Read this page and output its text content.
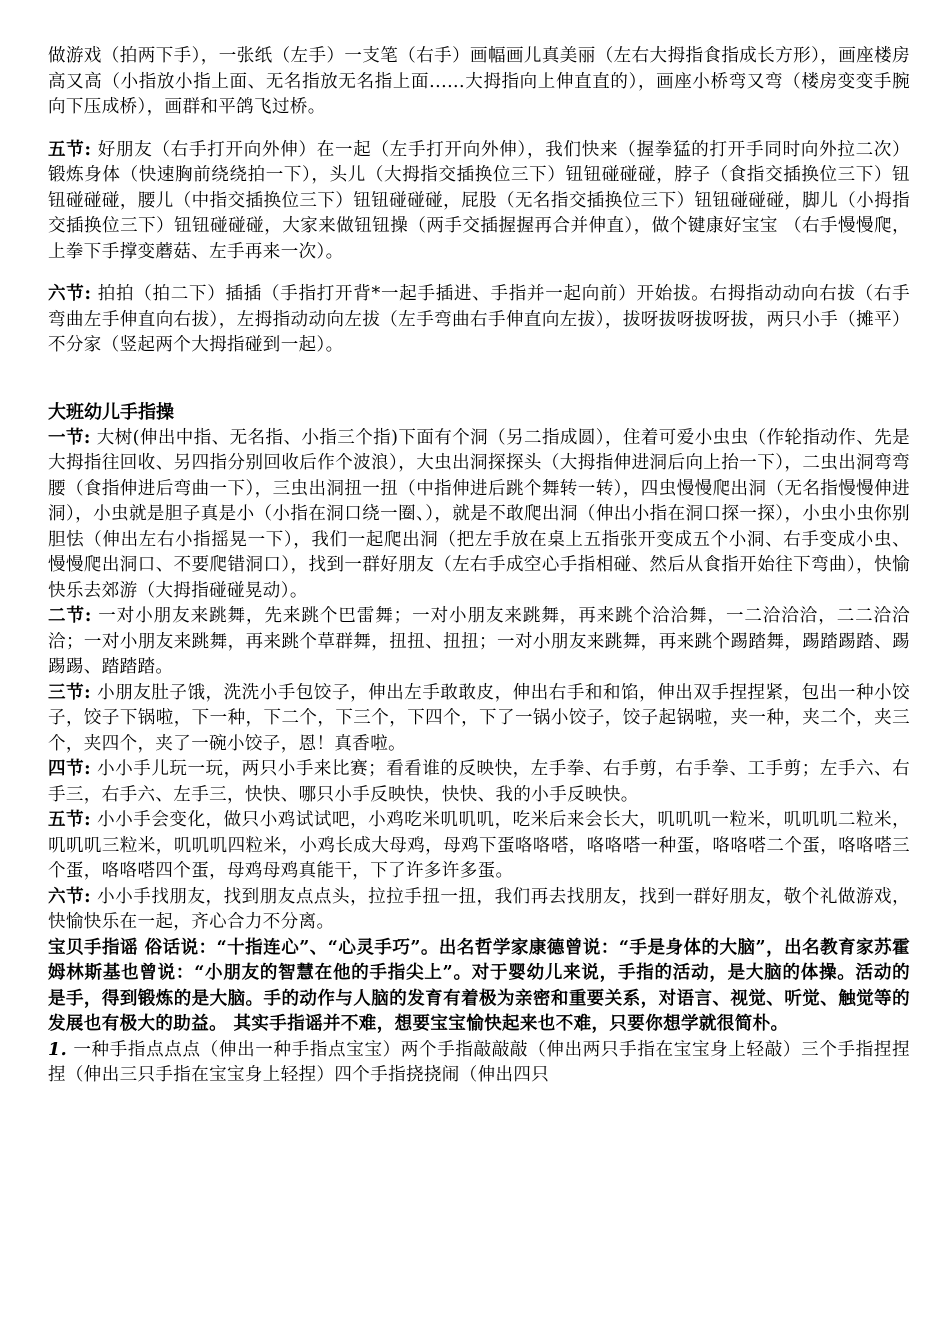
做游戏（拍两下手），一张纸（左手）一支笔（右手）画幅画儿真美丽（左右大拇指食指成长方形），画座楼房高又高（小指放小指上面、无名指放无名指上面......大拇指向上伸直直的），画座小桥弯又弯（楼房变变手腕向下压成桥），画群和平鸽飞过桥。

五节: 好朋友（右手打开向外伸）在一起（左手打开向外伸），我们快来（握拳猛的打开手同时向外拉二次）锻炼身体（快速胸前绕绕拍一下），头儿（大拇指交插换位三下）钮钮碰碰碰，脖子（食指交插换位三下）钮钮碰碰碰，腰儿（中指交插换位三下）钮钮碰碰碰，屁股（无名指交插换位三下）钮钮碰碰碰，脚儿（小拇指交插换位三下）钮钮碰碰碰，大家来做钮钮操（两手交插握握再合并伸直），做个键康好宝宝 （右手慢慢爬，上拳下手撑变蘑菇、左手再来一次）。

六节: 拍拍（拍二下）插插（手指打开背*一起手插进、手指并一起向前）开始拔。右拇指动动向右拔（右手弯曲左手伸直向右拔），左拇指动动向左拔（左手弯曲右手伸直向左拔），拔呀拔呀拔呀拔，两只小手（摊平）不分家（竖起两个大拇指碰到一起）。

大班幼儿手指操

一节: 大树(伸出中指、无名指、小指三个指)下面有个洞（另二指成圆），住着可爱小虫虫（作轮指动作、先是大拇指往回收、另四指分别回收后作个波浪），大虫出洞探探头（大拇指伸进洞后向上抬一下），二虫出洞弯弯腰（食指伸进后弯曲一下），三虫出洞扭一扭（中指伸进后跳个舞转一转），四虫慢慢爬出洞（无名指慢慢伸进洞），小虫就是胆子真是小（小指在洞口绕一圈、），就是不敢爬出洞（伸出小指在洞口探一探），小虫小虫你别胆怯（伸出左右小指摇晃一下），我们一起爬出洞（把左手放在桌上五指张开变成五个小洞、右手变成小虫、慢慢爬出洞口、不要爬错洞口），找到一群好朋友（左右手成空心手指相碰、然后从食指开始往下弯曲），快愉快乐去郊游（大拇指碰碰晃动）。

二节: 一对小朋友来跳舞，先来跳个巴雷舞；一对小朋友来跳舞，再来跳个洽洽舞，一二洽洽洽，二二洽洽洽；一对小朋友来跳舞，再来跳个草群舞，扭扭、扭扭；一对小朋友来跳舞，再来跳个踢踏舞，踢踏踢踏、踢踢踢、踏踏踏。

三节: 小朋友肚子饿，洗洗小手包饺子，伸出左手敢敢皮，伸出右手和和馅，伸出双手捏捏紧，包出一种小饺子，饺子下锅啦，下一种，下二个，下三个，下四个，下了一锅小饺子，饺子起锅啦，夹一种，夹二个，夹三个，夹四个，夹了一碗小饺子，恩！真香啦。

四节: 小小手儿玩一玩，两只小手来比赛；看看谁的反映快，左手拳、右手剪，右手拳、工手剪；左手六、右手三，右手六、左手三，快快、哪只小手反映快，快快、我的小手反映快。

五节: 小小手会变化，做只小鸡试试吧，小鸡吃米叽叽叽，吃米后来会长大，叽叽叽一粒米，叽叽叽二粒米，叽叽叽三粒米，叽叽叽四粒米，小鸡长成大母鸡，母鸡下蛋咯咯嗒，咯咯嗒一种蛋，咯咯嗒二个蛋，咯咯嗒三个蛋，咯咯嗒四个蛋，母鸡母鸡真能干，下了许多许多蛋。

六节: 小小手找朋友，找到朋友点点头，拉拉手扭一扭，我们再去找朋友，找到一群好朋友，敬个礼做游戏，快愉快乐在一起，齐心合力不分离。

宝贝手指谣 俗话说：“十指连心”、“心灵手巧”。出名哲学家康德曾说：“手是身体的大脑”，出名教育家苏霍姆林斯基也曾说：“小朋友的智慧在他的手指尖上”。对于婴幼儿来说，手指的活动，是大脑的体操。活动的是手，得到锻炼的是大脑。手的动作与人脑的发育有着极为亲密和重要关系，对语言、视觉、听觉、触觉等的发展也有极大的助益。 其实手指谣并不难，想要宝宝愉快起来也不难，只要你想学就很简朴。

1. 一种手指点点点（伸出一种手指点宝宝）两个手指敲敲敲（伸出两只手指在宝宝身上轻敲）三个手指捏捏捏（伸出三只手指在宝宝身上轻捏）四个手指挠挠闹（伸出四只
